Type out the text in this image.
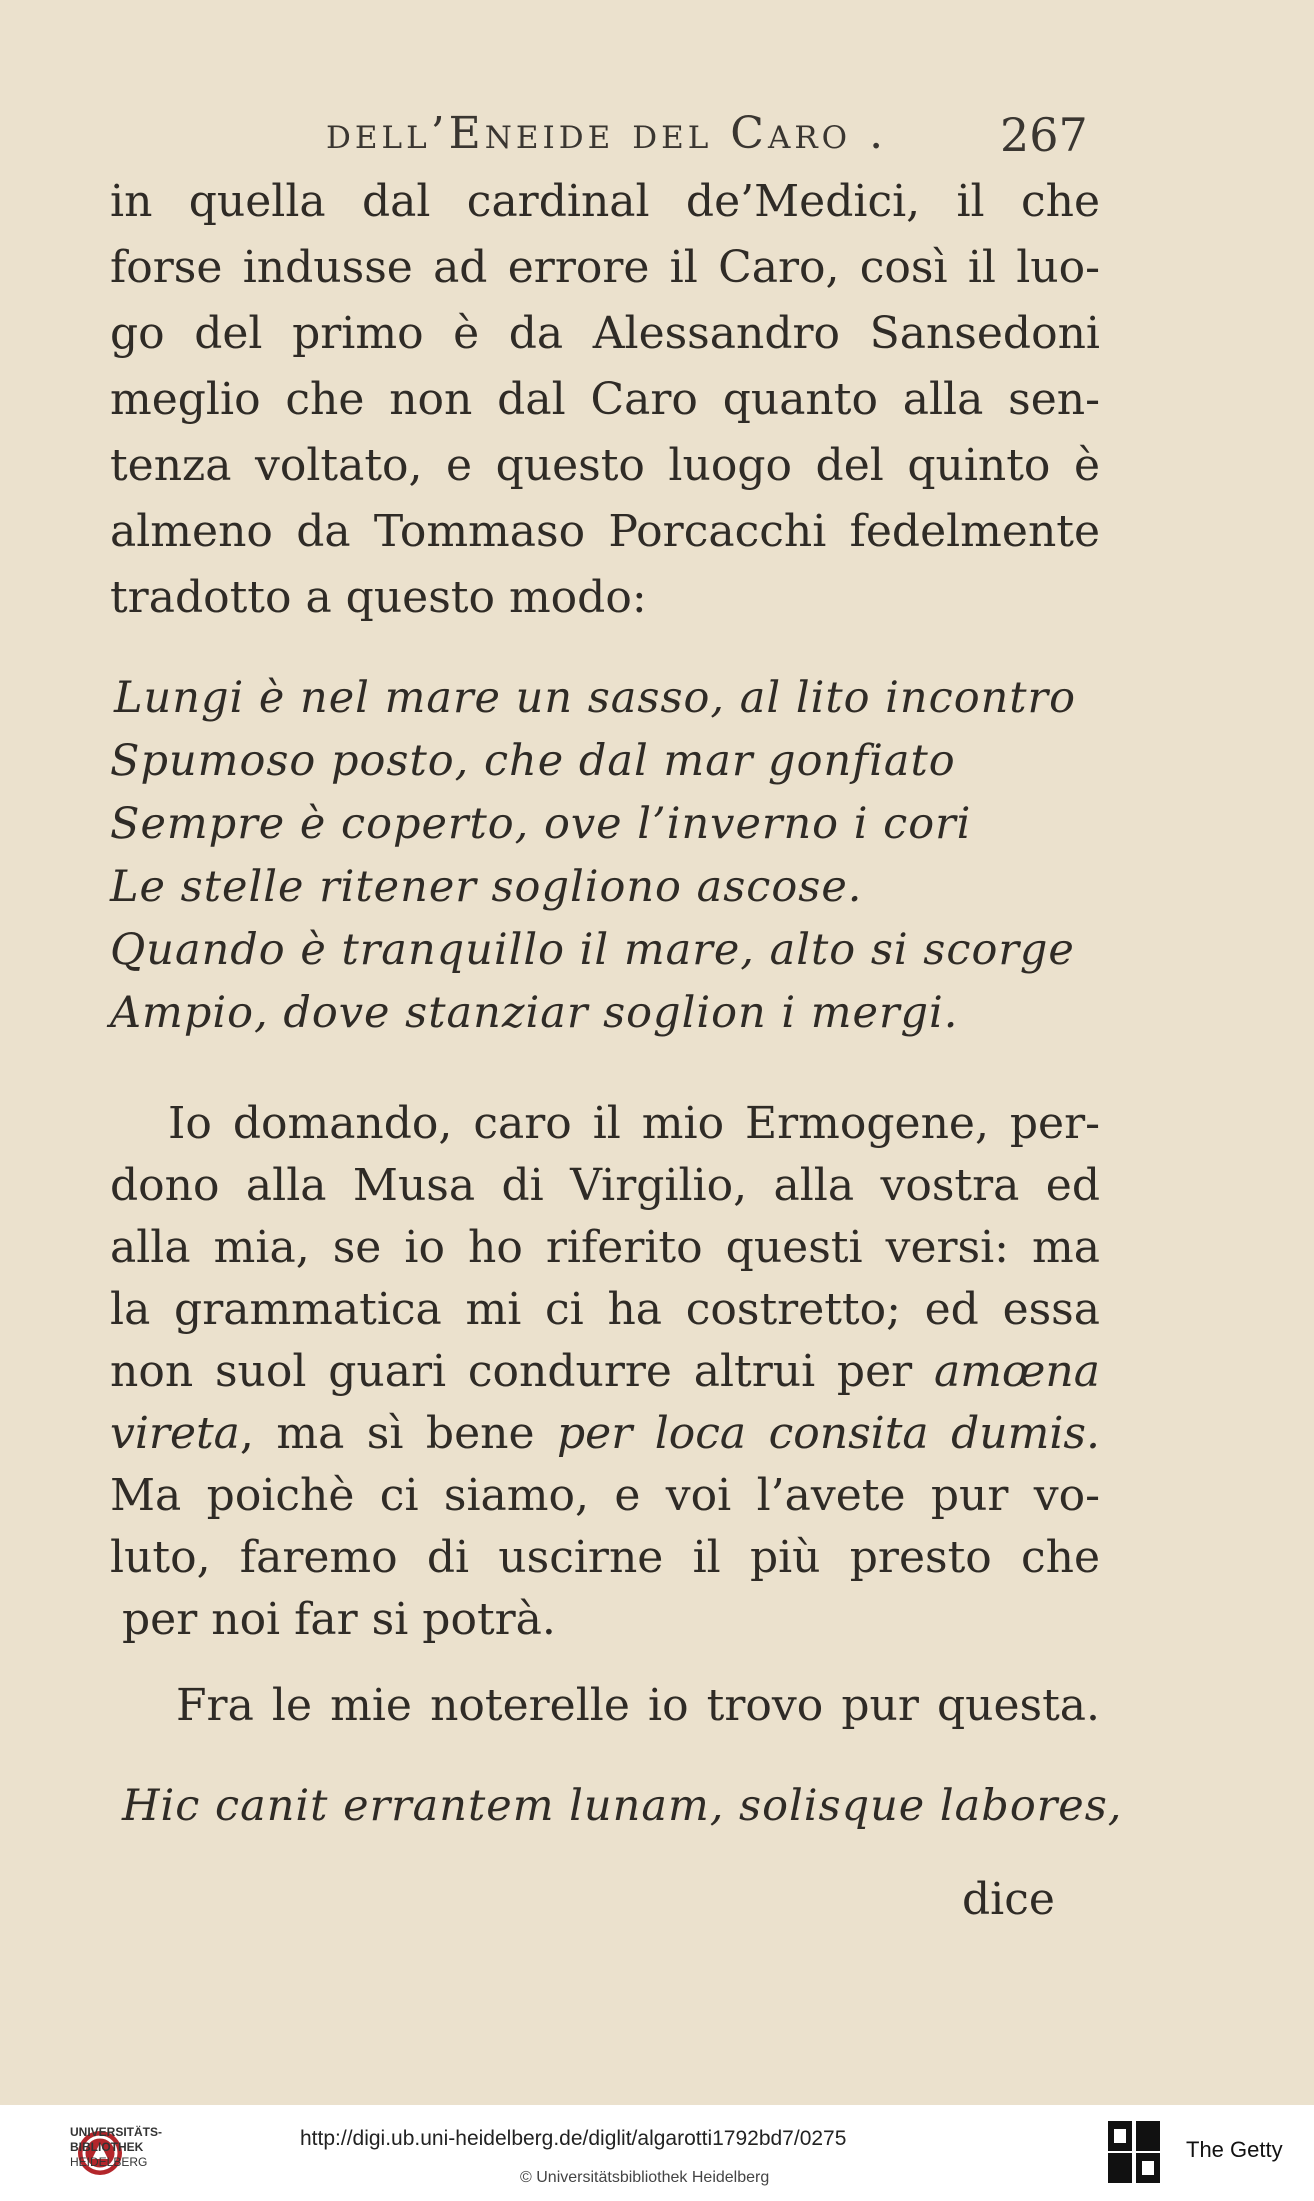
dell’Eneide del Caro . 267
in quella dal cardinal de’Medici, il che
forse indusse ad errore il Caro, così il luo-
go del primo è da Alessandro Sansedoni
meglio che non dal Caro quanto alla sen-
tenza voltato, e questo luogo del quinto è
almeno da Tommaso Porcacchi fedelmente
tradotto a questo modo:
Lungi è nel mare un sasso, al lito incontro
Spumoso posto, che dal mar gonfiato
Sempre è coperto, ove l’inverno i cori
Le stelle ritener sogliono ascose.
Quando è tranquillo il mare, alto si scorge
Ampio, dove stanziar soglion i mergi.
Io domando, caro il mio Ermogene, per-
dono alla Musa di Virgilio, alla vostra ed
alla mia, se io ho riferito questi versi: ma
la grammatica mi ci ha costretto; ed essa
non suol guari condurre altrui per amœna
vireta, ma sì bene per loca consita dumis.
Ma poichè ci siamo, e voi l’avete pur vo-
luto, faremo di uscirne il più presto che
per noi far si potrà.
Fra le mie noterelle io trovo pur questa.
Hic canit errantem lunam, solisque labores,
dice
UNIVERSITÄTS-
BIBLIOTHEK
HEIDELBERG
http://digi.ub.uni-heidelberg.de/diglit/algarotti1792bd7/0275
© Universitätsbibliothek Heidelberg
The Getty
